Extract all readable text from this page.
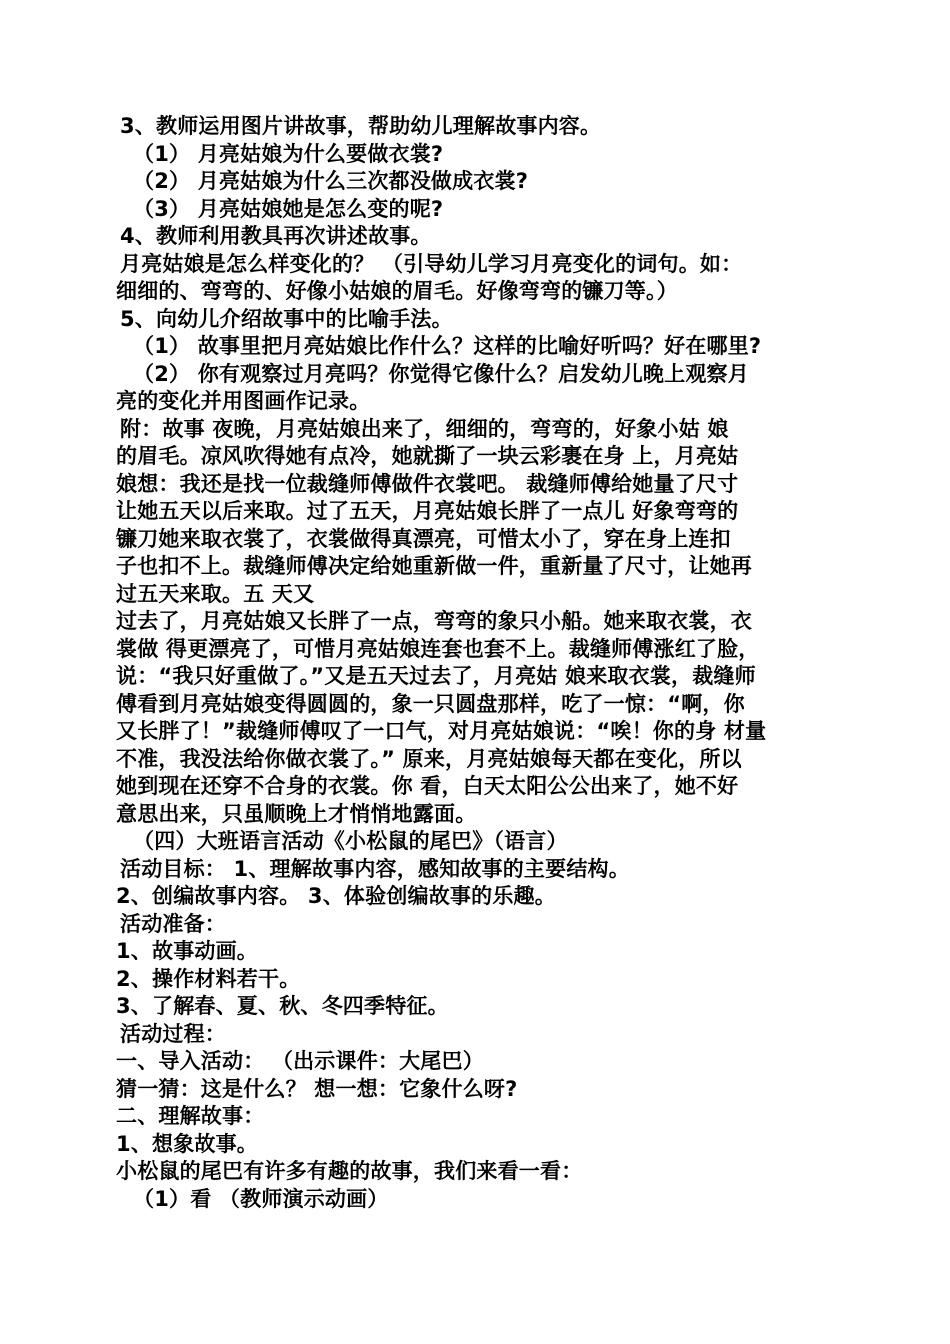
3、教师运用图片讲故事，帮助幼儿理解故事内容。
（1） 月亮姑娘为什么要做衣裳?
（2） 月亮姑娘为什么三次都没做成衣裳?
（3） 月亮姑娘她是怎么变的呢?
4、教师利用教具再次讲述故事。
月亮姑娘是怎么样变化的？ （引导幼儿学习月亮变化的词句。如：
细细的、弯弯的、好像小姑娘的眉毛。好像弯弯的镰刀等。）
5、向幼儿介绍故事中的比喻手法。
（1） 故事里把月亮姑娘比作什么？这样的比喻好听吗？好在哪里?
（2） 你有观察过月亮吗？你觉得它像什么？启发幼儿晚上观察月
亮的变化并用图画作记录。
附：故事 夜晚，月亮姑娘出来了，细细的，弯弯的，好象小姑 娘
的眉毛。凉风吹得她有点冷，她就撕了一块云彩裹在身 上，月亮姑
娘想：我还是找一位裁缝师傅做件衣裳吧。 裁缝师傅给她量了尺寸
让她五天以后来取。过了五天，月亮姑娘长胖了一点儿 好象弯弯的
镰刀她来取衣裳了，衣裳做得真漂亮，可惜太小了，穿在身上连扣
子也扣不上。裁缝师傅决定给她重新做一件，重新量了尺寸，让她再
过五天来取。五 天又
过去了，月亮姑娘又长胖了一点，弯弯的象只小船。她来取衣裳，衣
裳做 得更漂亮了，可惜月亮姑娘连套也套不上。裁缝师傅涨红了脸，
说：“我只好重做了。”又是五天过去了，月亮姑 娘来取衣裳，裁缝师
傅看到月亮姑娘变得圆圆的，象一只圆盘那样，吃了一惊：“啊，你
又长胖了！”裁缝师傅叹了一口气，对月亮姑娘说：“唉！你的身 材量
不准，我没法给你做衣裳了。” 原来，月亮姑娘每天都在变化，所以
她到现在还穿不合身的衣裳。你 看，白天太阳公公出来了，她不好
意思出来，只虽顺晚上才悄悄地露面。
（四）大班语言活动《小松鼠的尾巴》（语言）
活动目标： 1、理解故事内容，感知故事的主要结构。
2、创编故事内容。 3、体验创编故事的乐趣。
活动准备：
1、故事动画。
2、操作材料若干。
3、了解春、夏、秋、冬四季特征。
活动过程：
一、导入活动： （出示课件：大尾巴）
猜一猜：这是什么？ 想一想：它象什么呀?
二、理解故事：
1、想象故事。
小松鼠的尾巴有许多有趣的故事，我们来看一看：
（1）看 （教师演示动画）
